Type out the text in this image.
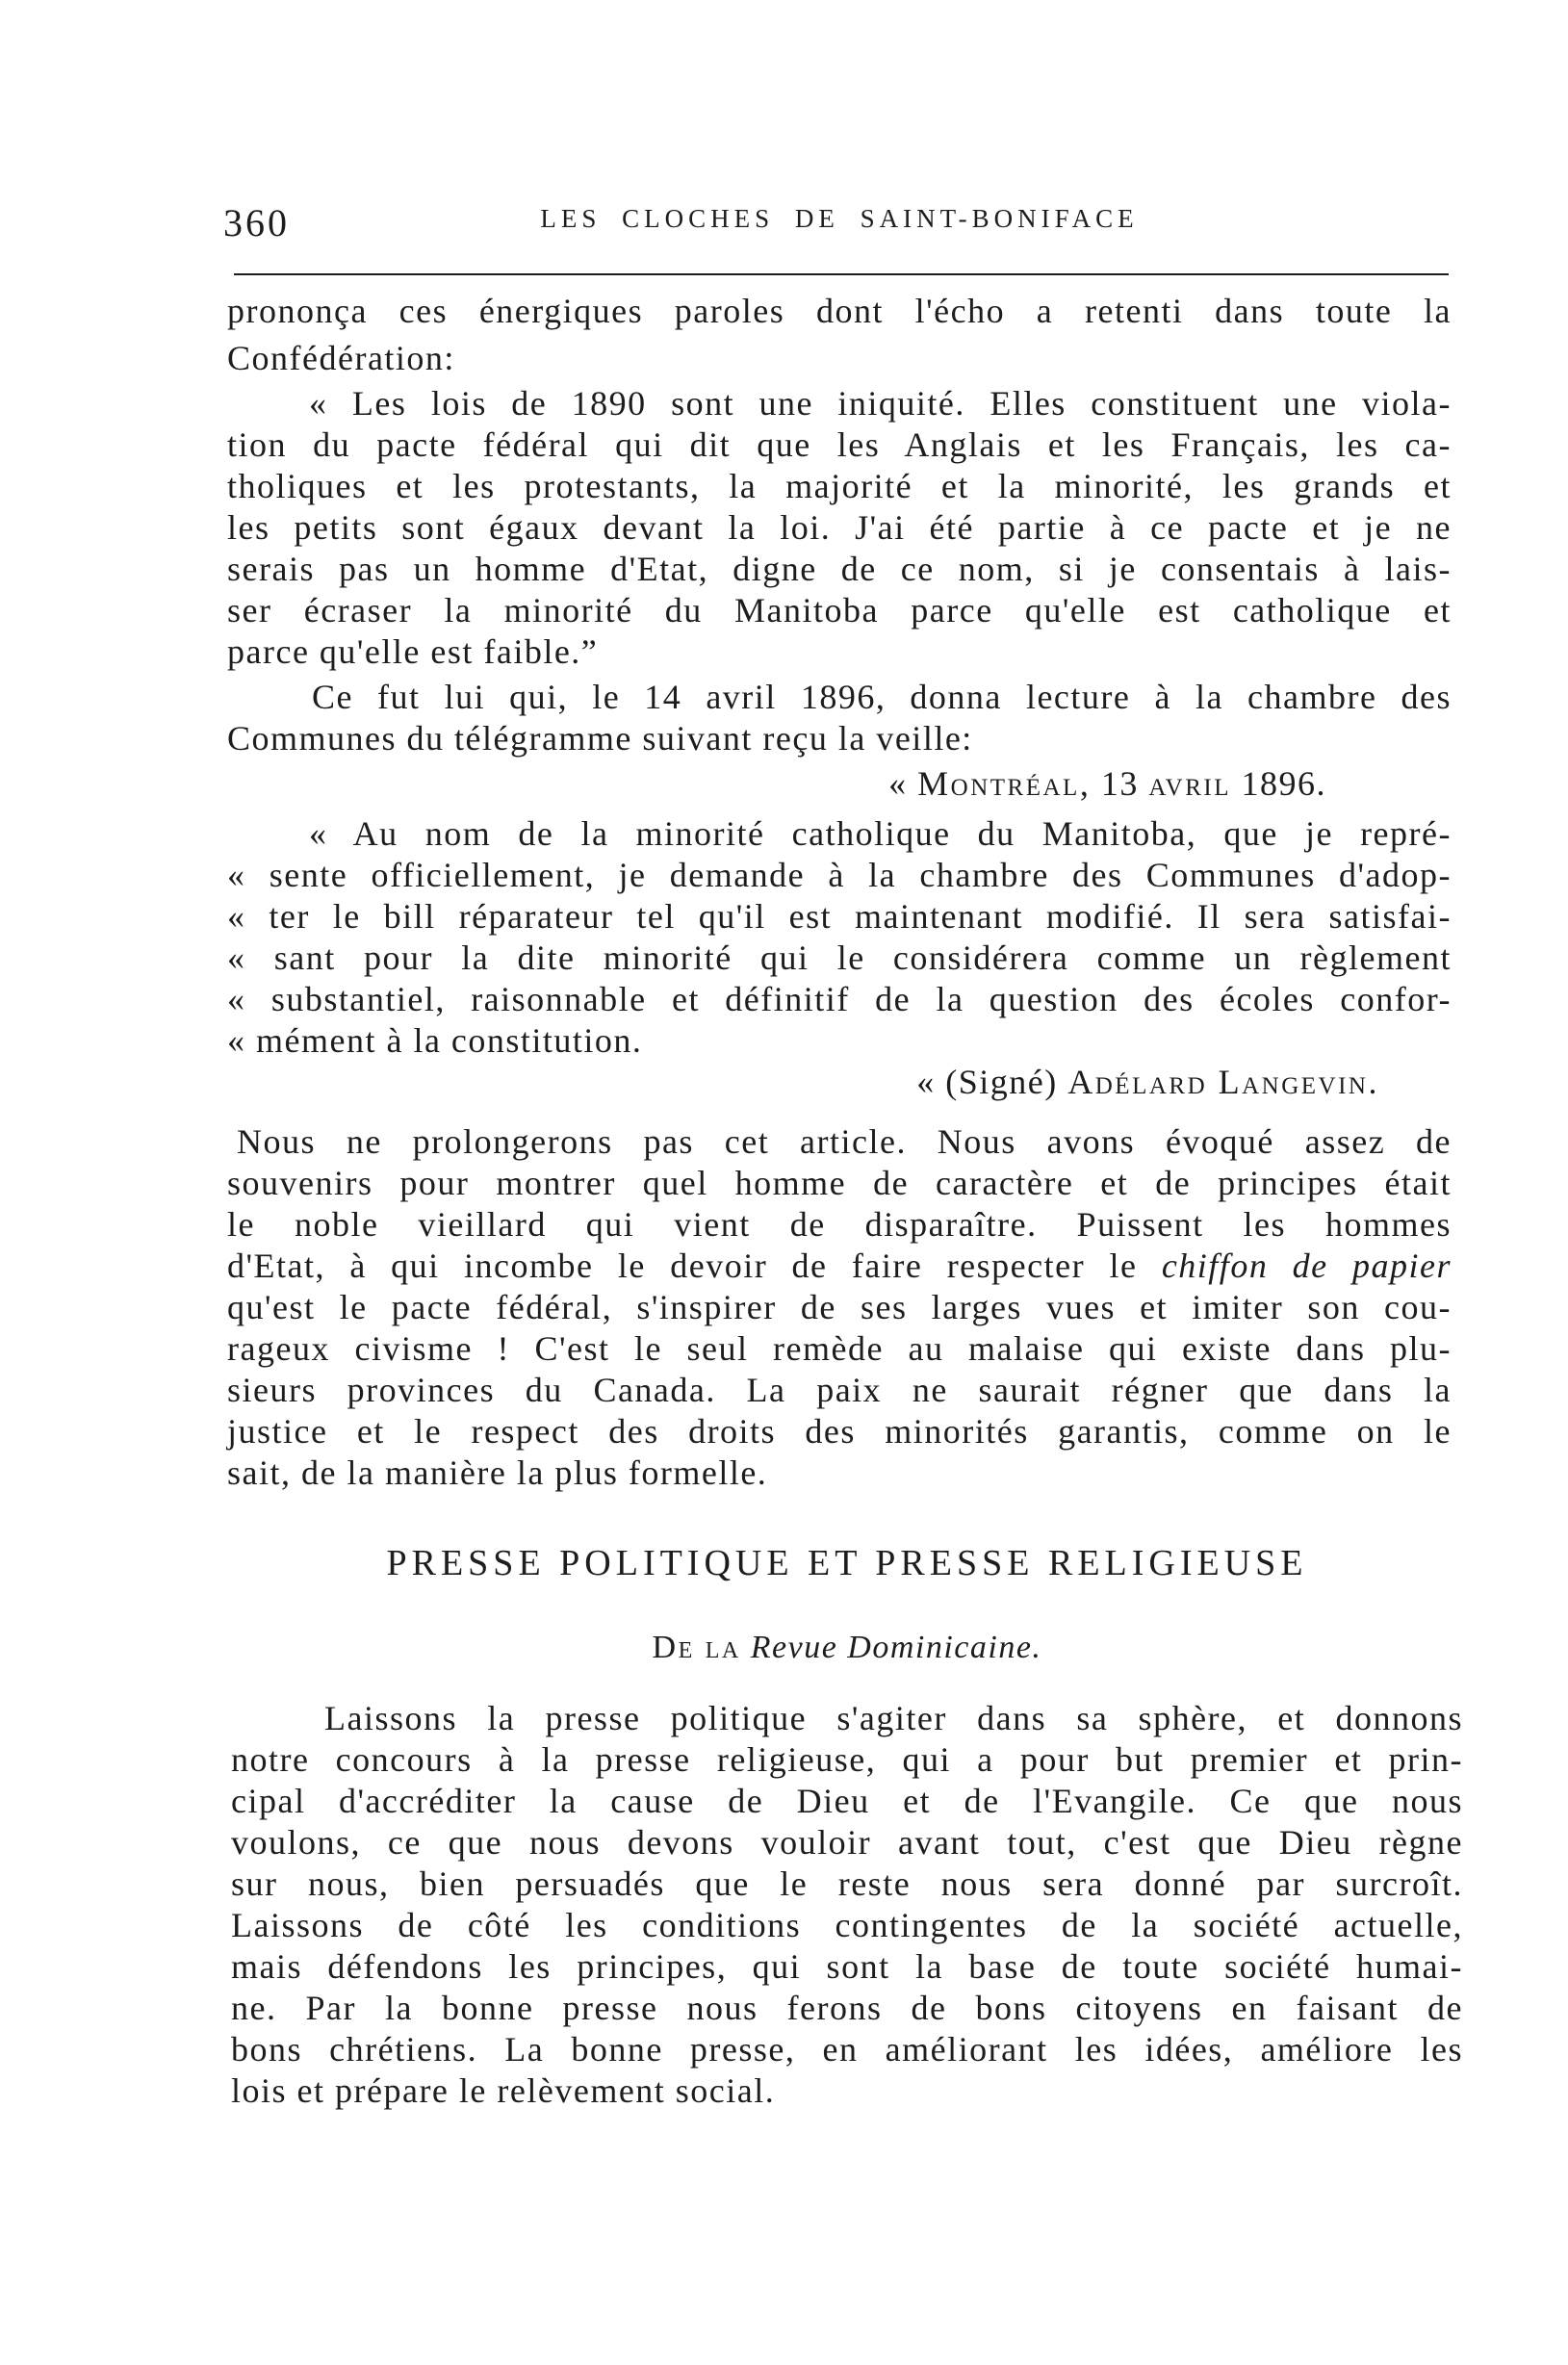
360	LES CLOCHES DE SAINT-BONIFACE
prononça ces énergiques paroles dont l'écho a retenti dans toute la
Confédération:
« Les lois de 1890 sont une iniquité. Elles constituent une viola-
tion du pacte fédéral qui dit que les Anglais et les Français, les ca-
tholiques et les protestants, la majorité et la minorité, les grands et
les petits sont égaux devant la loi. J'ai été partie à ce pacte et je ne
serais pas un homme d'Etat, digne de ce nom, si je consentais à lais-
ser écraser la minorité du Manitoba parce qu'elle est catholique et
parce qu'elle est faible.”
Ce fut lui qui, le 14 avril 1896, donna lecture à la chambre des
Communes du télégramme suivant reçu la veille:
« Montréal, 13 avril 1896.
« Au nom de la minorité catholique du Manitoba, que je repré-
« sente officiellement, je demande à la chambre des Communes d'adop-
« ter le bill réparateur tel qu'il est maintenant modifié. Il sera satisfai-
« sant pour la dite minorité qui le considérera comme un règlement
« substantiel, raisonnable et définitif de la question des écoles confor-
« mément à la constitution.
« (Signé) Adélard Langevin.
Nous ne prolongerons pas cet article. Nous avons évoqué assez de
souvenirs pour montrer quel homme de caractère et de principes était
le noble vieillard qui vient de disparaître. Puissent les hommes
d'Etat, à qui incombe le devoir de faire respecter le chiffon de papier
qu'est le pacte fédéral, s'inspirer de ses larges vues et imiter son cou-
rageux civisme ! C'est le seul remède au malaise qui existe dans plu-
sieurs provinces du Canada. La paix ne saurait régner que dans la
justice et le respect des droits des minorités garantis, comme on le
sait, de la manière la plus formelle.
PRESSE POLITIQUE ET PRESSE RELIGIEUSE
De la Revue Dominicaine.
Laissons la presse politique s'agiter dans sa sphère, et donnons
notre concours à la presse religieuse, qui a pour but premier et prin-
cipal d'accréditer la cause de Dieu et de l'Evangile. Ce que nous
voulons, ce que nous devons vouloir avant tout, c'est que Dieu règne
sur nous, bien persuadés que le reste nous sera donné par surcroît.
Laissons de côté les conditions contingentes de la société actuelle,
mais défendons les principes, qui sont la base de toute société humai-
ne. Par la bonne presse nous ferons de bons citoyens en faisant de
bons chrétiens. La bonne presse, en améliorant les idées, améliore les
lois et prépare le relèvement social.
